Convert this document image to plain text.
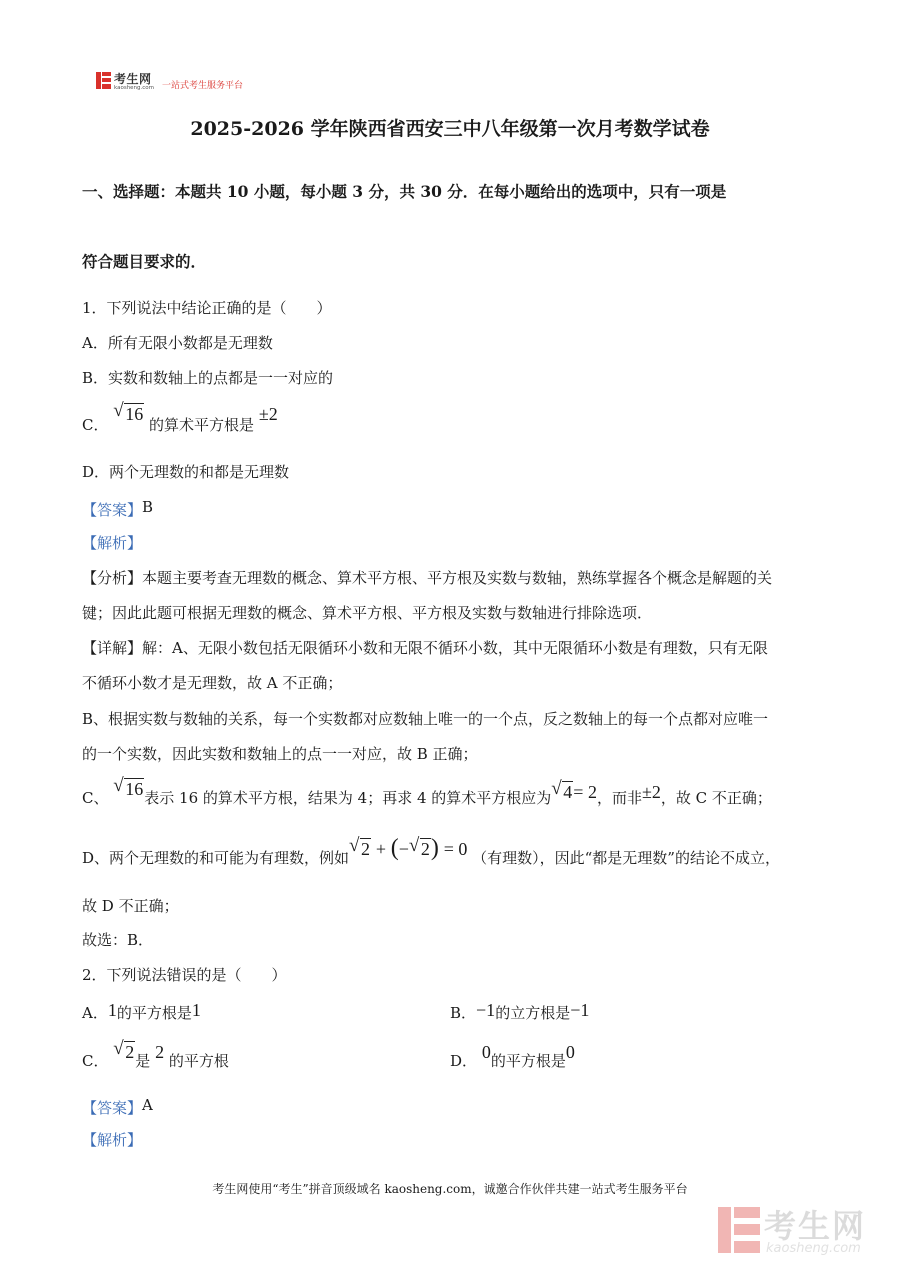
考生网
kaosheng.com 一站式考生服务平台
2025-2026 学年陕西省西安三中八年级第一次月考数学试卷
一、选择题：本题共 10 小题，每小题 3 分，共 30 分．在每小题给出的选项中，只有一项是
符合题目要求的．
1．下列说法中结论正确的是（　　）
A．所有无限小数都是无理数
B．实数和数轴上的点都是一一对应的
C．
√ 16 的算术平方根是 ±2
D．两个无理数的和都是无理数
【答案】B
【解析】
【分析】本题主要考查无理数的概念、算术平方根、平方根及实数与数轴，熟练掌握各个概念是解题的关
键；因此此题可根据无理数的概念、算术平方根、平方根及实数与数轴进行排除选项．
【详解】解：A、无限小数包括无限循环小数和无限不循环小数，其中无限循环小数是有理数，只有无限
不循环小数才是无理数，故 A 不正确；
B、根据实数与数轴的关系，每一个实数都对应数轴上唯一的一个点，反之数轴上的每一个点都对应唯一
的一个实数，因此实数和数轴上的点一一对应，故 B 正确；
C、
√ 16表示 16 的算术平方根，结果为 4；再求 4 的算术平方根应为 √ 4= 2，而非±2，故 C 不正确；
D、两个无理数的和可能为有理数，例如
√ 2 + (− √ 2) = 0 （有理数），因此“都是无理数”的结论不成立，
故 D 不正确；
故选：B．
2．下列说法错误的是（　　）
A．1的平方根是1	B．−1的立方根是−1
C．
√ 2是 2 的平方根	D． 0的平方根是0
【答案】A
【解析】
考生网使用“考生”拼音顶级域名 kaosheng.com，诚邀合作伙伴共建一站式考生服务平台
考生网
kaosheng.com
